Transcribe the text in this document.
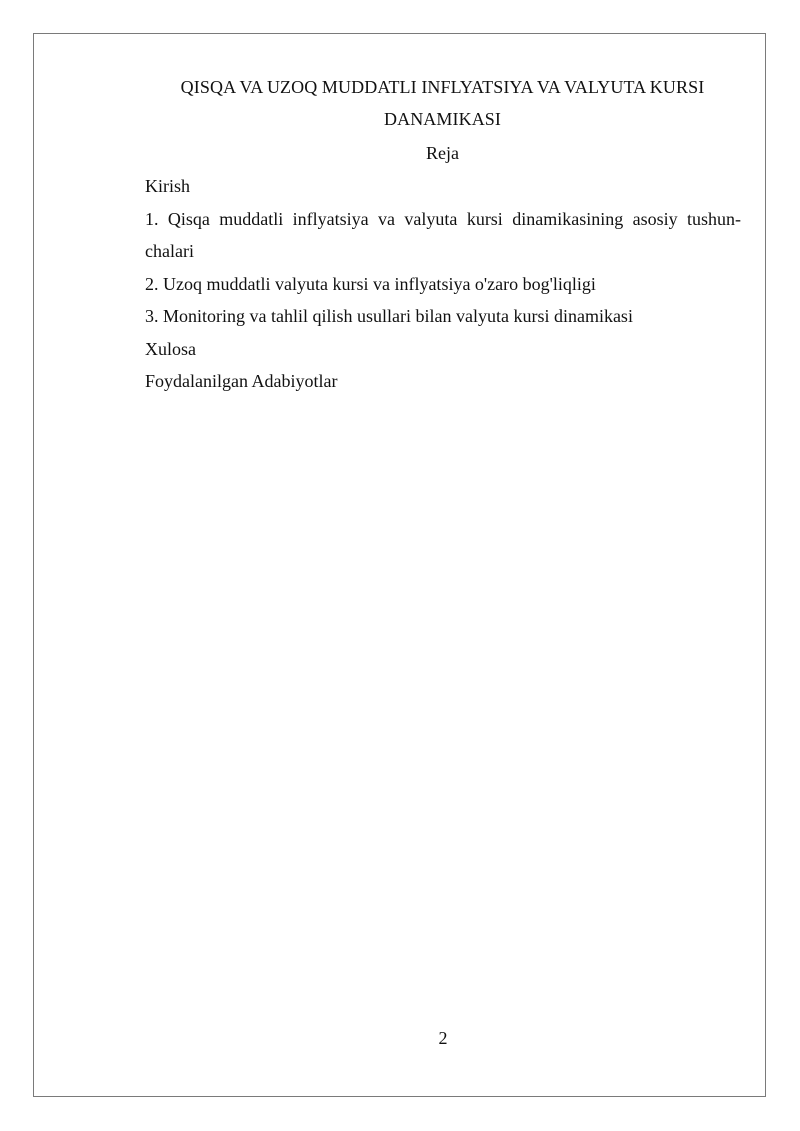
QISQA VA UZOQ MUDDATLI INFLYATSIYA VA VALYUTA KURSI
DANAMIKASI
Reja
Kirish
1. Qisqa muddatli inflyatsiya va valyuta kursi dinamikasining asosiy tushun-
chalari
2. Uzoq muddatli valyuta kursi va inflyatsiya o'zaro bog'liqligi
3. Monitoring va tahlil qilish usullari bilan valyuta kursi dinamikasi
Xulosa
Foydalanilgan Adabiyotlar
2
